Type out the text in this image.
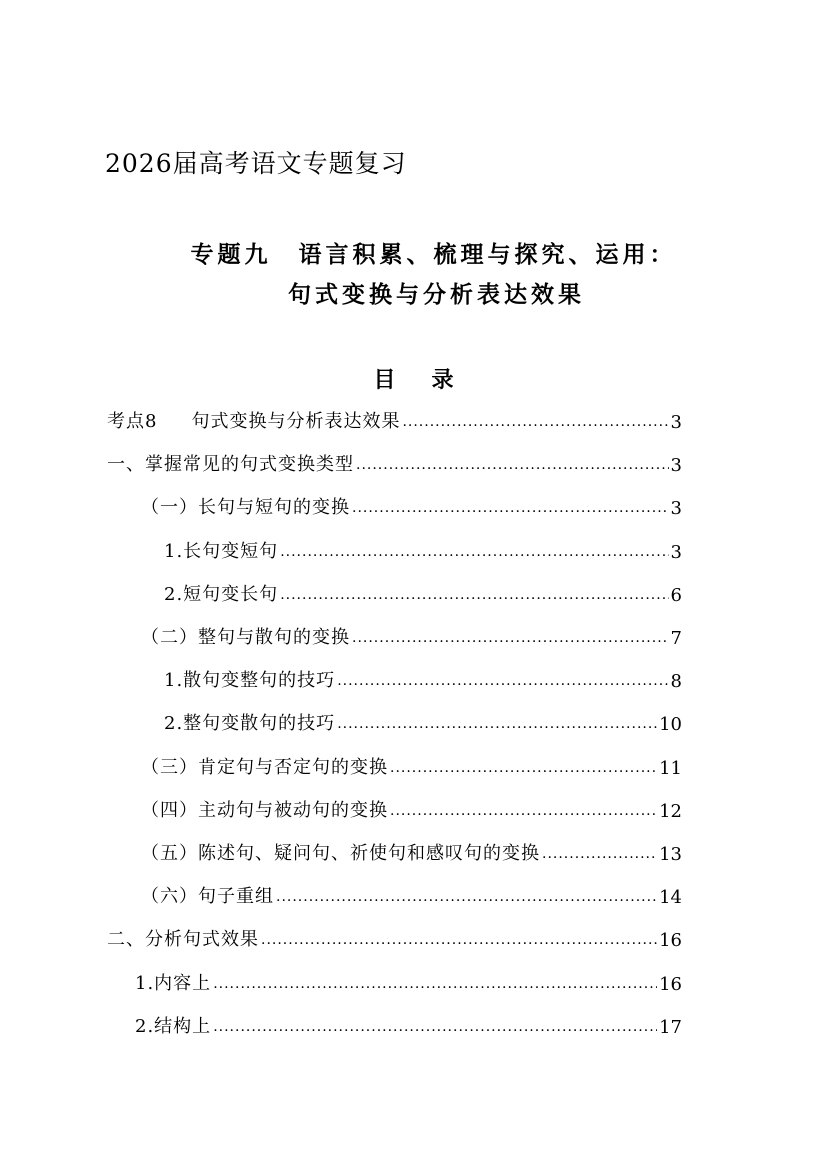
2026届高考语文专题复习
专题九　语言积累、梳理与探究、运用：
句式变换与分析表达效果
目录
考点8 句式变换与分析表达效果 .....	3
一、掌握常见的句式变换类型 .....	3
（一）长句与短句的变换 .....	3
1.长句变短句 .....	3
2.短句变长句 .....	6
（二）整句与散句的变换 .....	7
1.散句变整句的技巧 .....	8
2.整句变散句的技巧 .....	10
（三）肯定句与否定句的变换 .....	11
（四）主动句与被动句的变换 .....	12
（五）陈述句、疑问句、祈使句和感叹句的变换 .....	13
（六）句子重组 .....	14
二、分析句式效果 .....	16
1.内容上 .....	16
2.结构上 .....	17
